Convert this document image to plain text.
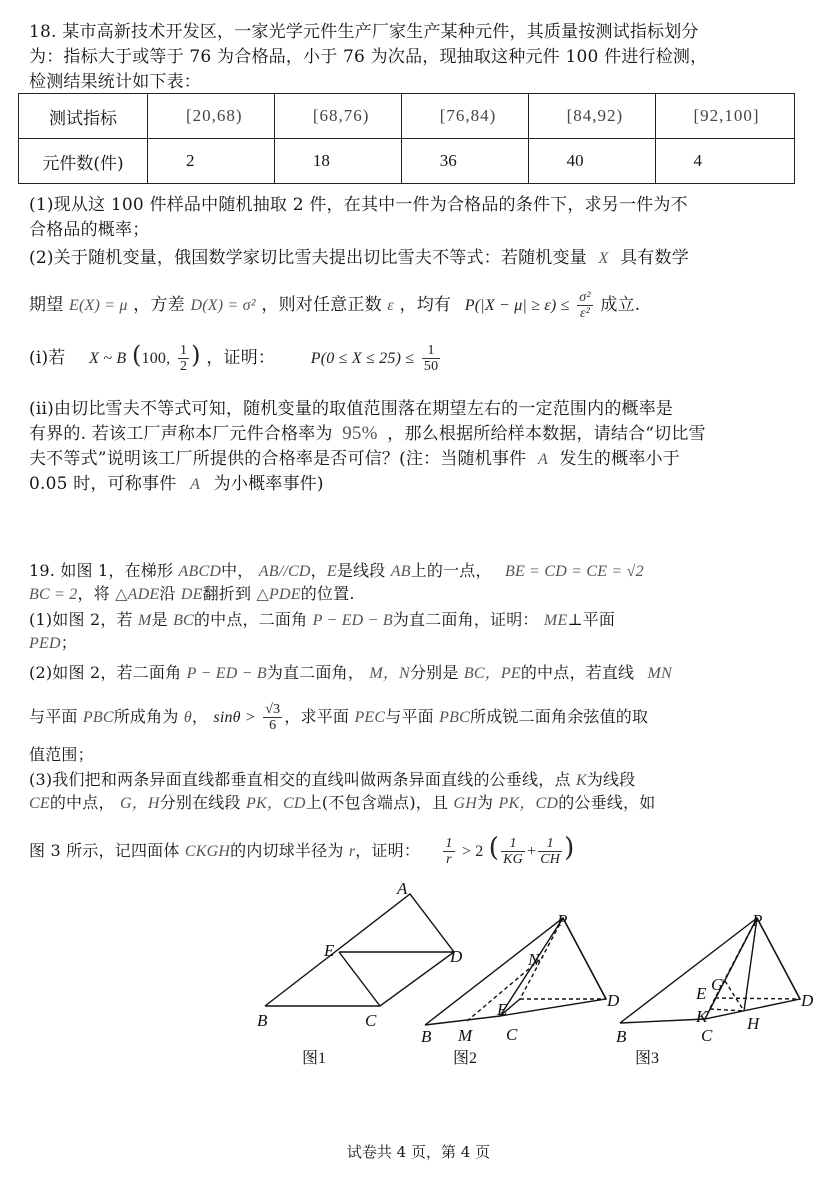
18. 某市高新技术开发区，一家光学元件生产厂家生产某种元件，其质量按测试指标划分
为：指标大于或等于 76 为合格品，小于 76 为次品，现抽取这种元件 100 件进行检测，
检测结果统计如下表：
测试指标	[20,68)	[68,76)	[76,84)	[84,92)	[92,100]
元件数(件)	2	18	36	40	4
(1)现从这 100 件样品中随机抽取 2 件，在其中一件为合格品的条件下，求另一件为不
合格品的概率；
(2)关于随机变量，俄国数学家切比雪夫提出切比雪夫不等式：若随机变量 X 具有数学
期望 E(X) = μ ，方差 D(X) = σ² ，则对任意正数 ε ，均有 $P(|X - \mu| \ge \varepsilon) \le \frac{\text{σ²}}{\text{ε²}}$ 成立.
(i)若 X ~ B (100, $\frac{1}{2}$ ) ，证明： $P(0 \le X \le 25) \le \frac{1}{50}$
(ii)由切比雪夫不等式可知，随机变量的取值范围落在期望左右的一定范围内的概率是
有界的. 若该工厂声称本厂元件合格率为 95% ，那么根据所给样本数据，请结合“切比雪
夫不等式”说明该工厂所提供的合格率是否可信？(注：当随机事件 A 发生的概率小于
0.05 时，可称事件 A 为小概率事件)
19. 如图 1，在梯形 ABCD中， AB//CD，E是线段 AB上的一点， BE = CD = CE = √2
BC = 2，将 △ADE沿 DE翻折到 △PDE的位置.
(1)如图 2，若 M是 BC的中点，二面角 P − ED − B为直二面角，证明： ME⊥平面
PED；
(2)如图 2，若二面角 P − ED − B为直二面角， M，N分别是 BC，PE的中点，若直线 MN
与平面 PBC所成角为 θ， $\sin\theta > \frac{√3}{6}$ ，求平面 PEC与平面 PBC所成锐二面角余弦值的取
值范围；
(3)我们把和两条异面直线都垂直相交的直线叫做两条异面直线的公垂线，点 K为线段
CE的中点， G，H分别在线段 PK，CD上(不包含端点)，且 GH为 PK，CD的公垂线，如
图 3 所示，记四面体 CKGH的内切球半径为 r，证明： $\frac{1}{r} > 2$ ( $\frac{1}{KG} + \frac{1}{CH}$ )
A
E	D
B	C
图1
P
N
E	D
B M C
图2
P
G
E
K H
D
B	C
图3
试卷共 4 页，第 4 页
